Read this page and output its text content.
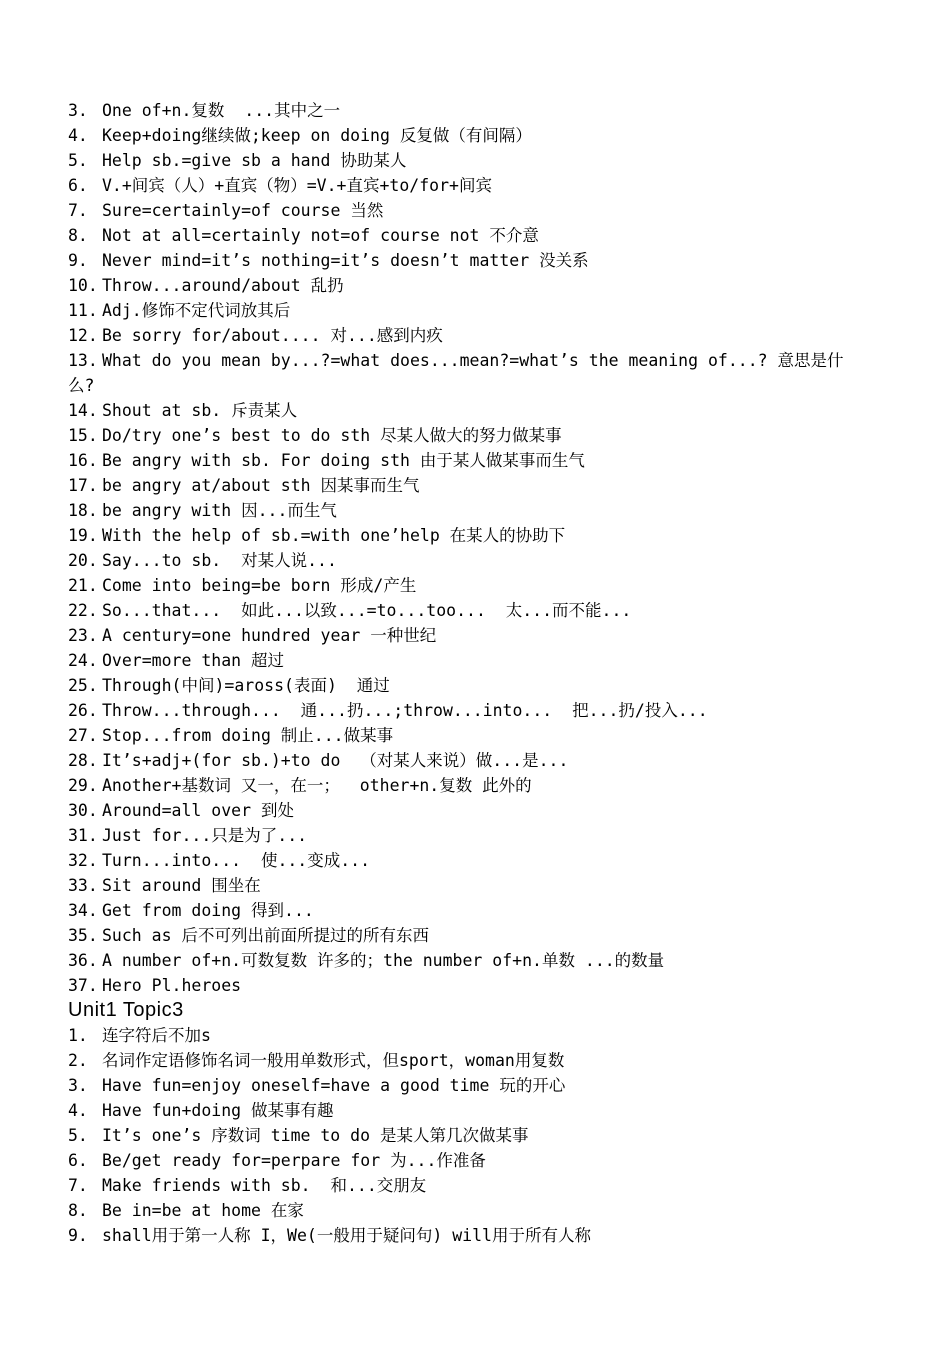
3. One of+n.复数  ...其中之一
4. Keep+doing继续做;keep on doing 反复做（有间隔）
5. Help sb.=give sb a hand 协助某人
6. V.+间宾（人）+直宾（物）=V.+直宾+to/for+间宾
7. Sure=certainly=of course 当然
8. Not at all=certainly not=of course not 不介意
9. Never mind=it’s nothing=it’s doesn’t matter 没关系
10. Throw...around/about 乱扔
11. Adj.修饰不定代词放其后
12. Be sorry for/about.... 对...感到内疚
13. What do you mean by...?=what does...mean?=what’s the meaning of...? 意思是什么?
14. Shout at sb. 斥责某人
15. Do/try one’s best to do sth 尽某人做大的努力做某事
16. Be angry with sb. For doing sth 由于某人做某事而生气
17. be angry at/about sth 因某事而生气
18. be angry with 因...而生气
19. With the help of sb.=with one’help 在某人的协助下
20. Say...to sb.  对某人说...
21. Come into being=be born 形成/产生
22. So...that...  如此...以致...=to...too...  太...而不能...
23. A century=one hundred year 一种世纪
24. Over=more than 超过
25. Through(中间)=aross(表面)  通过
26. Throw...through...  通...扔...;throw...into...  把...扔/投入...
27. Stop...from doing 制止...做某事
28. It’s+adj+(for sb.)+to do  （对某人来说）做...是...
29. Another+基数词 又一，在一；  other+n.复数 此外的
30. Around=all over 到处
31. Just for...只是为了...
32. Turn...into...  使...变成...
33. Sit around 围坐在
34. Get from doing 得到...
35. Such as 后不可列出前面所提过的所有东西
36. A number of+n.可数复数 许多的；the number of+n.单数 ...的数量
37. Hero Pl.heroes
Unit1 Topic3
1. 连字符后不加s
2. 名词作定语修饰名词一般用单数形式，但sport，woman用复数
3. Have fun=enjoy oneself=have a good time 玩的开心
4. Have fun+doing 做某事有趣
5. It’s one’s 序数词 time to do 是某人第几次做某事
6. Be/get ready for=perpare for 为...作准备
7. Make friends with sb.  和...交朋友
8. Be in=be at home 在家
9. shall用于第一人称 I，We(一般用于疑问句) will用于所有人称
